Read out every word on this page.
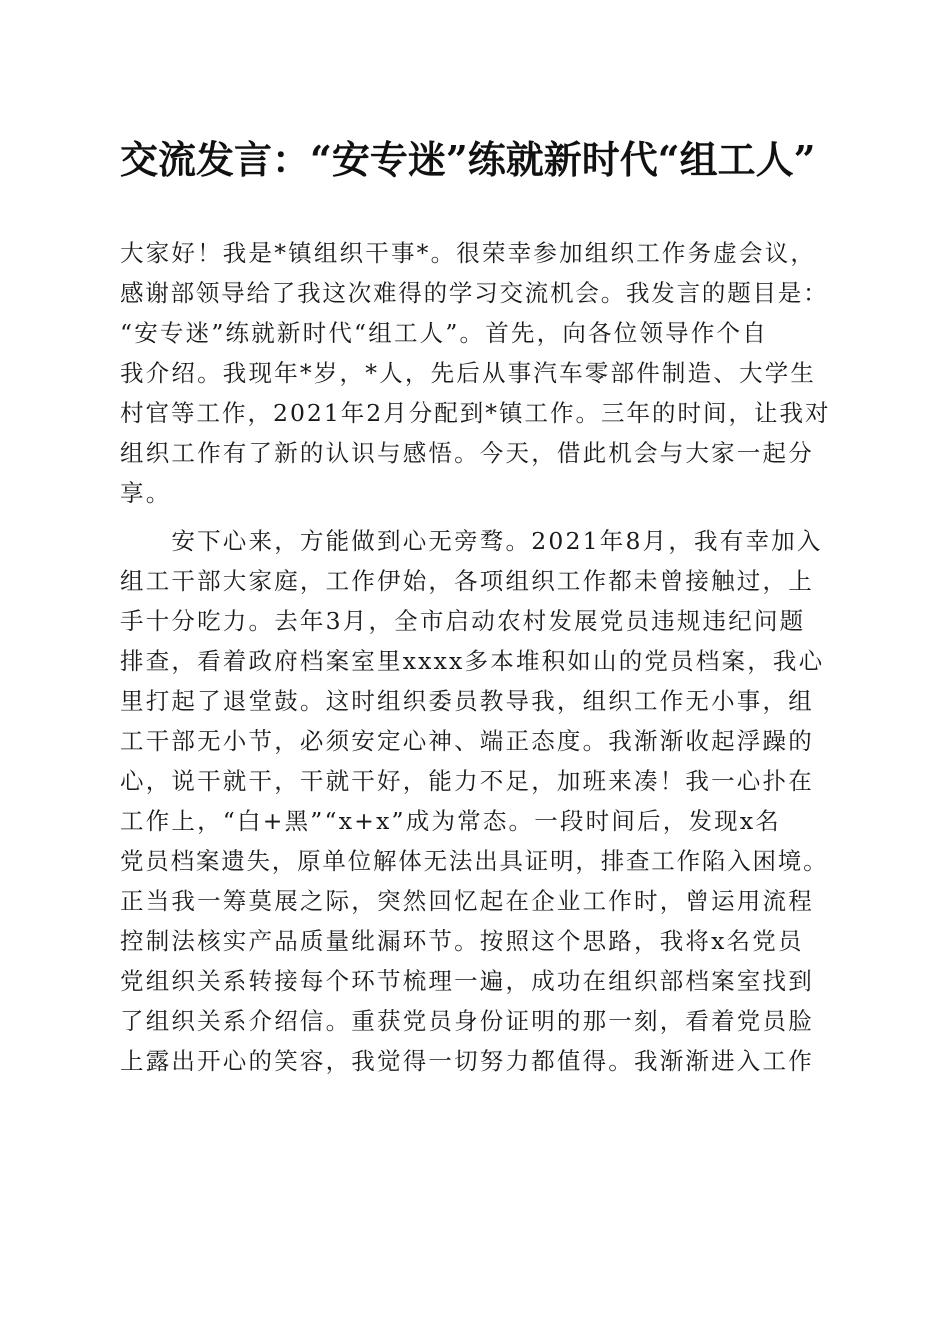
交流发言：“安专迷”练就新时代“组工人”
大家好！我是*镇组织干事*。很荣幸参加组织工作务虚会议，
感谢部领导给了我这次难得的学习交流机会。我发言的题目是：
“安专迷”练就新时代“组工人”。首先，向各位领导作个自
我介绍。我现年*岁，*人，先后从事汽车零部件制造、大学生
村官等工作，2021年2月分配到*镇工作。三年的时间，让我对
组织工作有了新的认识与感悟。今天，借此机会与大家一起分
享。
　　安下心来，方能做到心无旁骛。2021年8月，我有幸加入
组工干部大家庭，工作伊始，各项组织工作都未曾接触过，上
手十分吃力。去年3月，全市启动农村发展党员违规违纪问题
排查，看着政府档案室里xxxx多本堆积如山的党员档案，我心
里打起了退堂鼓。这时组织委员教导我，组织工作无小事，组
工干部无小节，必须安定心神、端正态度。我渐渐收起浮躁的
心，说干就干，干就干好，能力不足，加班来凑！我一心扑在
工作上，“白+黑”“x+x”成为常态。一段时间后，发现x名
党员档案遗失，原单位解体无法出具证明，排查工作陷入困境。
正当我一筹莫展之际，突然回忆起在企业工作时，曾运用流程
控制法核实产品质量纰漏环节。按照这个思路，我将x名党员
党组织关系转接每个环节梳理一遍，成功在组织部档案室找到
了组织关系介绍信。重获党员身份证明的那一刻，看着党员脸
上露出开心的笑容，我觉得一切努力都值得。我渐渐进入工作
